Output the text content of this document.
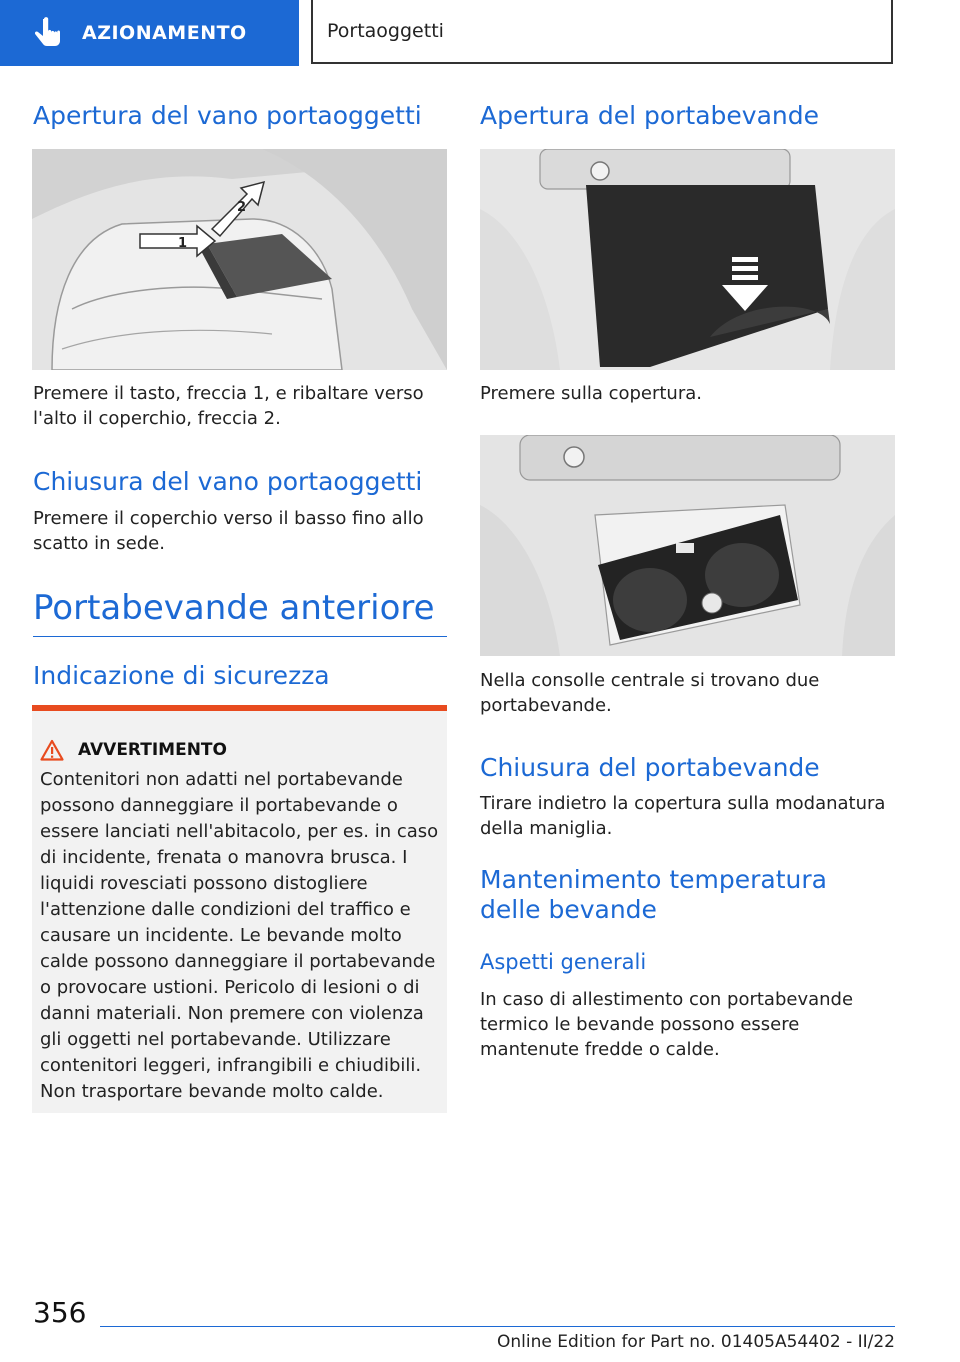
AZIONAMENTO	Portaoggetti
Apertura del vano portaoggetti
1
2

Premere il tasto, freccia 1, e ribaltare verso l'alto il coperchio, freccia 2.

Chiusura del vano portaoggetti

Premere il coperchio verso il basso fino allo scatto in sede.

Portabevande anteriore
Indicazione di sicurezza
AVVERTIMENTO

Contenitori non adatti nel portabevande possono danneggiare il portabevande o essere lanciati nell'abitacolo, per es. in caso di incidente, frenata o manovra brusca. I liquidi rovesciati possono distogliere l'attenzione dalle condizioni del traffico e causare un incidente. Le bevande molto calde possono danneggiare il portabevande o provocare ustioni. Pericolo di lesioni o di danni materiali. Non premere con violenza gli oggetti nel portabevande. Utilizzare contenitori leggeri, infrangibili e chiudibili. Non trasportare bevande molto calde.

Apertura del portabevande

Premere sulla copertura.

Nella consolle centrale si trovano due portabevande.

Chiusura del portabevande

Tirare indietro la copertura sulla modanatura della maniglia.

Mantenimento temperatura delle bevande
Aspetti generali

In caso di allestimento con portabevande termico le bevande possono essere mantenute fredde o calde.

356
Online Edition for Part no. 01405A54402 - II/22
